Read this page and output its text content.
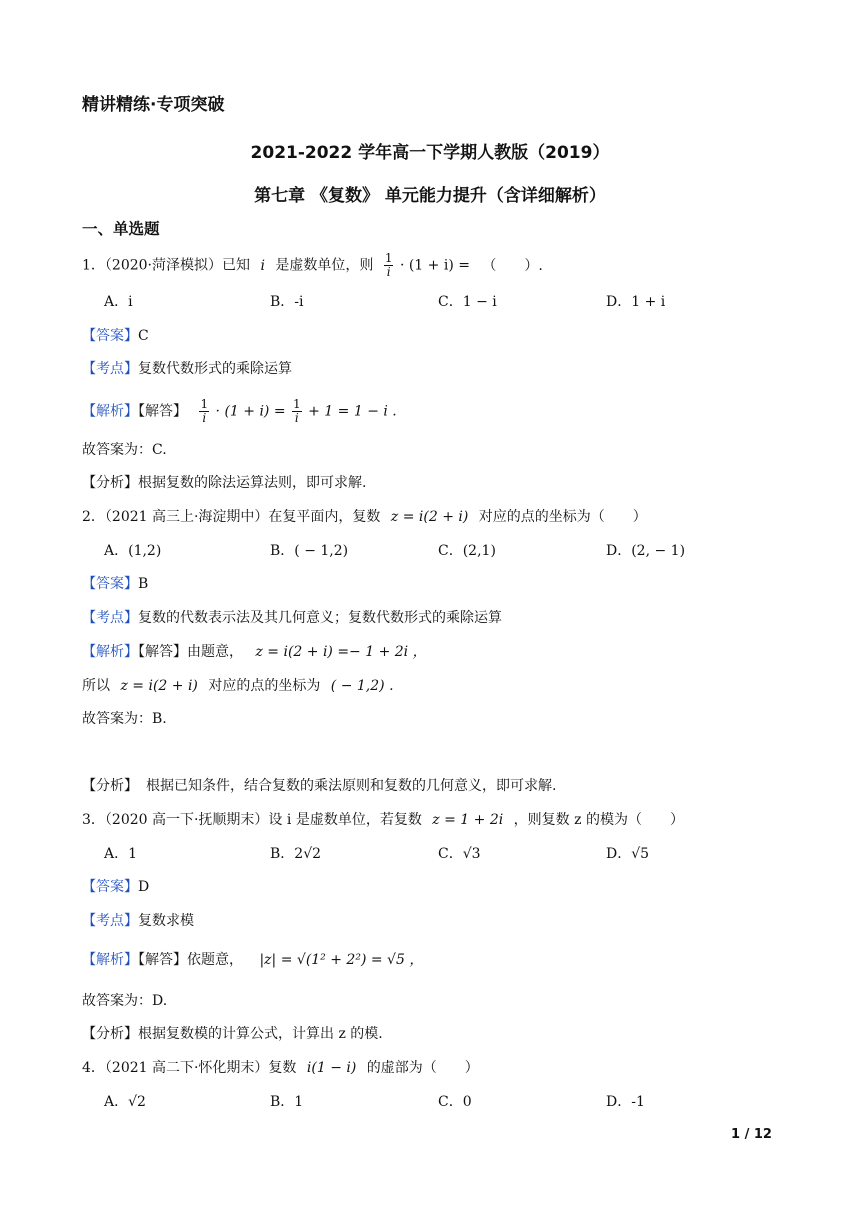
精讲精练·专项突破
2021-2022 学年高一下学期人教版（2019）
第七章 《复数》 单元能力提升（含详细解析）
一、单选题
1．（2020·菏泽模拟）已知 i 是虚数单位，则 $\frac{1}{i} \cdot (1 + i)$ = （　　）.
A．i	B．-i	C．1 − i	D．1 + i
【答案】C
【考点】复数代数形式的乘除运算
【解析】【解答】 $\frac{1}{i} \cdot (1 + i) = \frac{1}{i} + 1 = 1 - i$ .
故答案为：C.
【分析】根据复数的除法运算法则，即可求解.
2．（2021 高三上·海淀期中）在复平面内，复数 z = i(2 + i) 对应的点的坐标为（　　）
A．(1,2)	B．( − 1,2)	C．(2,1)	D．(2, − 1)
【答案】B
【考点】复数的代数表示法及其几何意义；复数代数形式的乘除运算
【解析】【解答】由题意， z = i(2 + i) =− 1 + 2i ，
所以 z = i(2 + i) 对应的点的坐标为 ( − 1,2) .
故答案为：B.
【分析】 根据已知条件，结合复数的乘法原则和复数的几何意义，即可求解.
3．（2020 高一下·抚顺期末）设 i 是虚数单位，若复数 z = 1 + 2i ，则复数 z 的模为（　　）
A．1	B．2√2	C．√3	D．√5
【答案】D
【考点】复数求模
【解析】【解答】依题意， |z| = √(1² + 2²) = √5 ，
故答案为：D.
【分析】根据复数模的计算公式，计算出 z 的模.
4．（2021 高二下·怀化期末）复数 i(1 − i) 的虚部为（　　）
A．√2	B．1	C．0	D．-1
1 / 12
